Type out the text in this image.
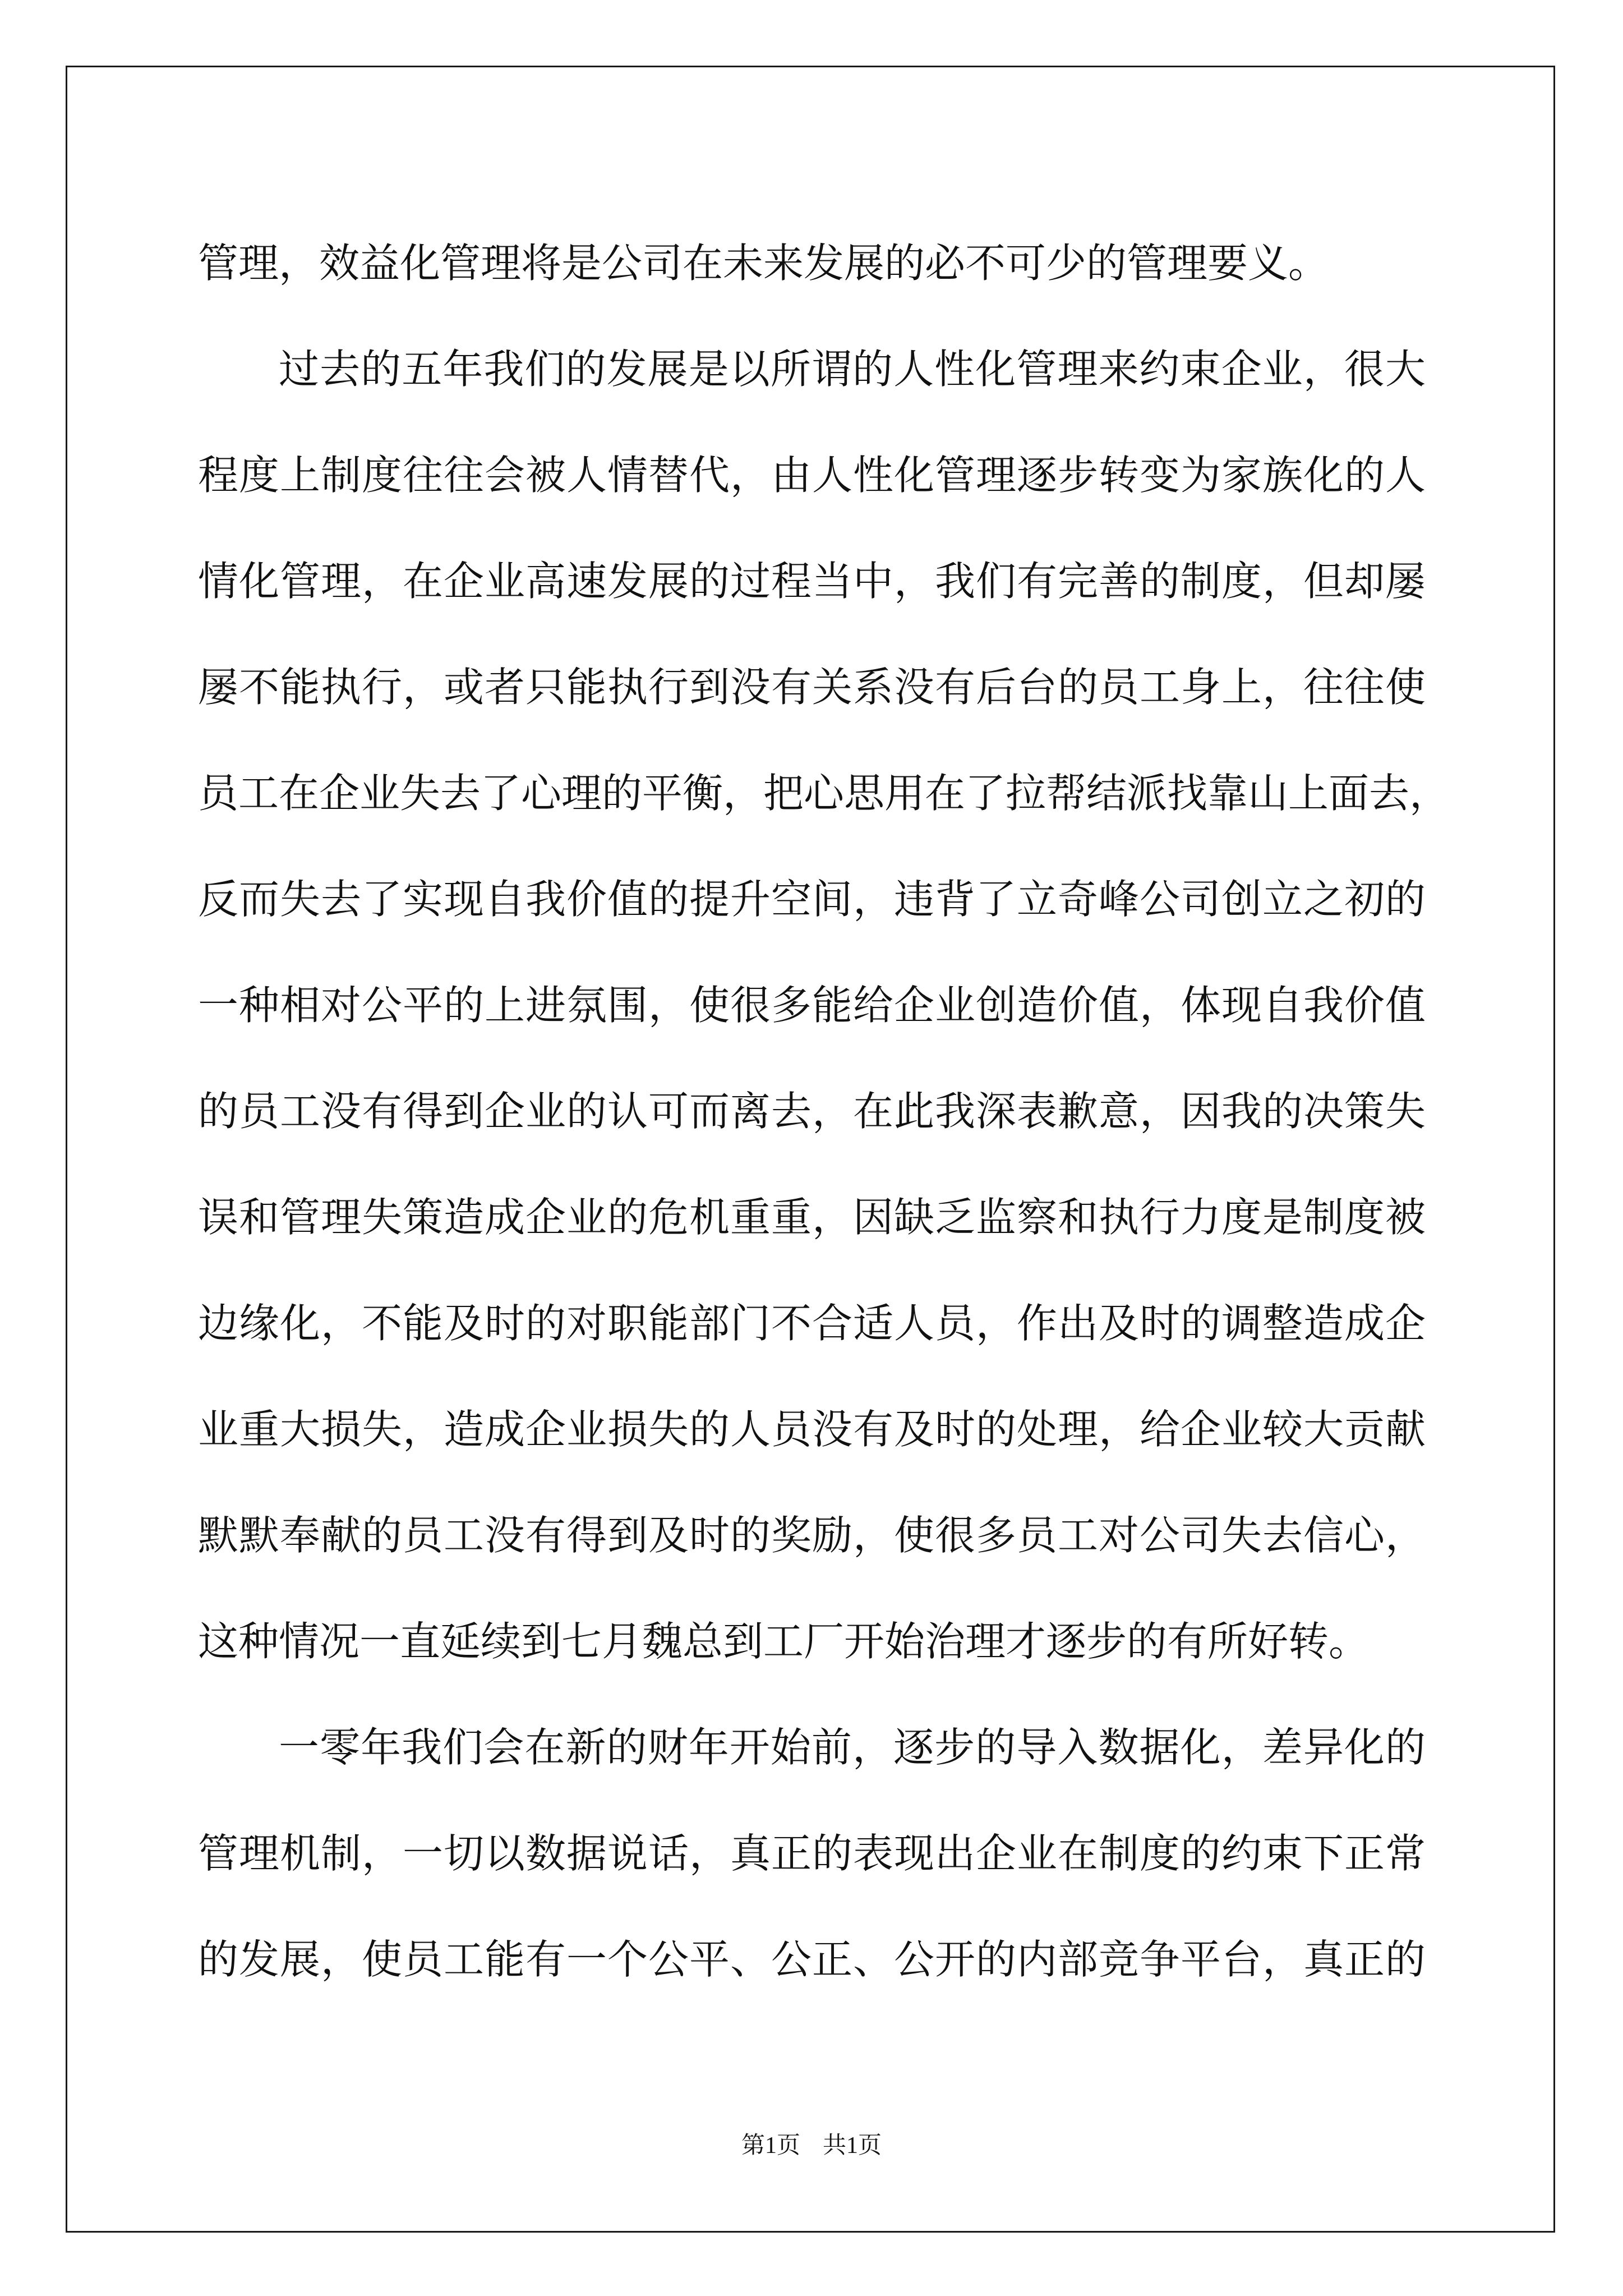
管理，效益化管理将是公司在未来发展的必不可少的管理要义。
过去的五年我们的发展是以所谓的人性化管理来约束企业，很大
程度上制度往往会被人情替代，由人性化管理逐步转变为家族化的人
情化管理，在企业高速发展的过程当中，我们有完善的制度，但却屡
屡不能执行，或者只能执行到没有关系没有后台的员工身上，往往使
员工在企业失去了心理的平衡，把心思用在了拉帮结派找靠山上面去，
反而失去了实现自我价值的提升空间，违背了立奇峰公司创立之初的
一种相对公平的上进氛围，使很多能给企业创造价值，体现自我价值
的员工没有得到企业的认可而离去，在此我深表歉意，因我的决策失
误和管理失策造成企业的危机重重，因缺乏监察和执行力度是制度被
边缘化，不能及时的对职能部门不合适人员，作出及时的调整造成企
业重大损失，造成企业损失的人员没有及时的处理，给企业较大贡献
默默奉献的员工没有得到及时的奖励，使很多员工对公司失去信心，
这种情况一直延续到七月魏总到工厂开始治理才逐步的有所好转。
一零年我们会在新的财年开始前，逐步的导入数据化，差异化的
管理机制，一切以数据说话，真正的表现出企业在制度的约束下正常
的发展，使员工能有一个公平、公正、公开的内部竞争平台，真正的
第1页 共1页
